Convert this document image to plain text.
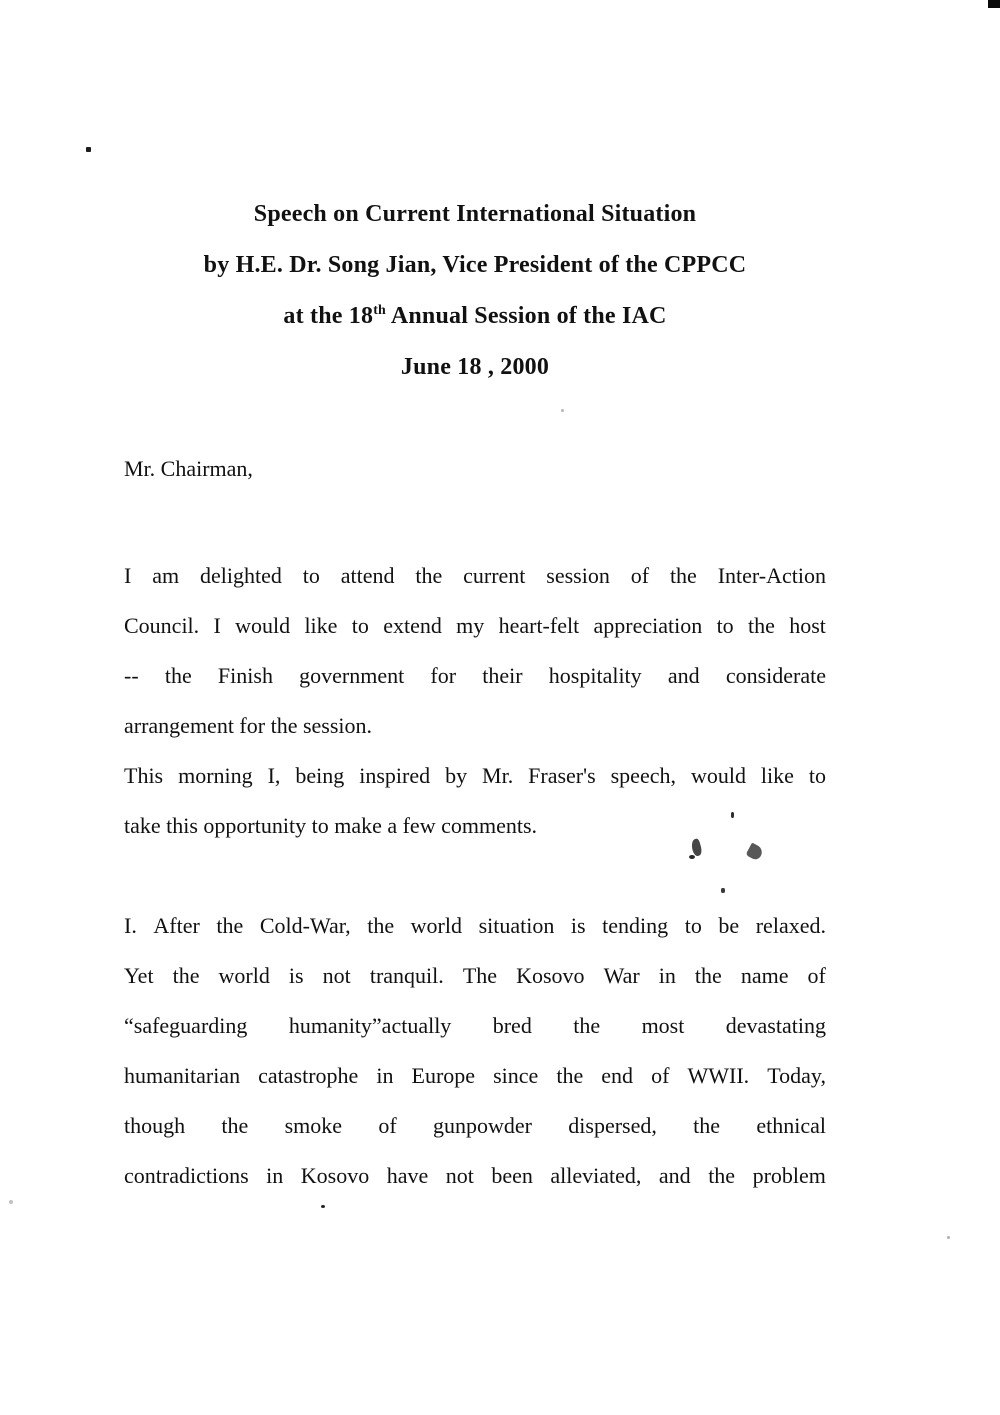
Speech on Current International Situation
by H.E. Dr. Song Jian, Vice President of the CPPCC
at the 18th Annual Session of the IAC
June 18 , 2000
Mr. Chairman,
I am delighted to attend the current session of the Inter-Action
Council. I would like to extend my heart-felt appreciation to the host
-- the Finish government for their hospitality and considerate
arrangement for the session.
This morning I, being inspired by Mr. Fraser's speech, would like to
take this opportunity to make a few comments.
I. After the Cold-War, the world situation is tending to be relaxed.
Yet the world is not tranquil. The Kosovo War in the name of
“safeguarding humanity”actually bred the most devastating
humanitarian catastrophe in Europe since the end of WWII. Today,
though the smoke of gunpowder dispersed, the ethnical
contradictions in Kosovo have not been alleviated, and the problem
